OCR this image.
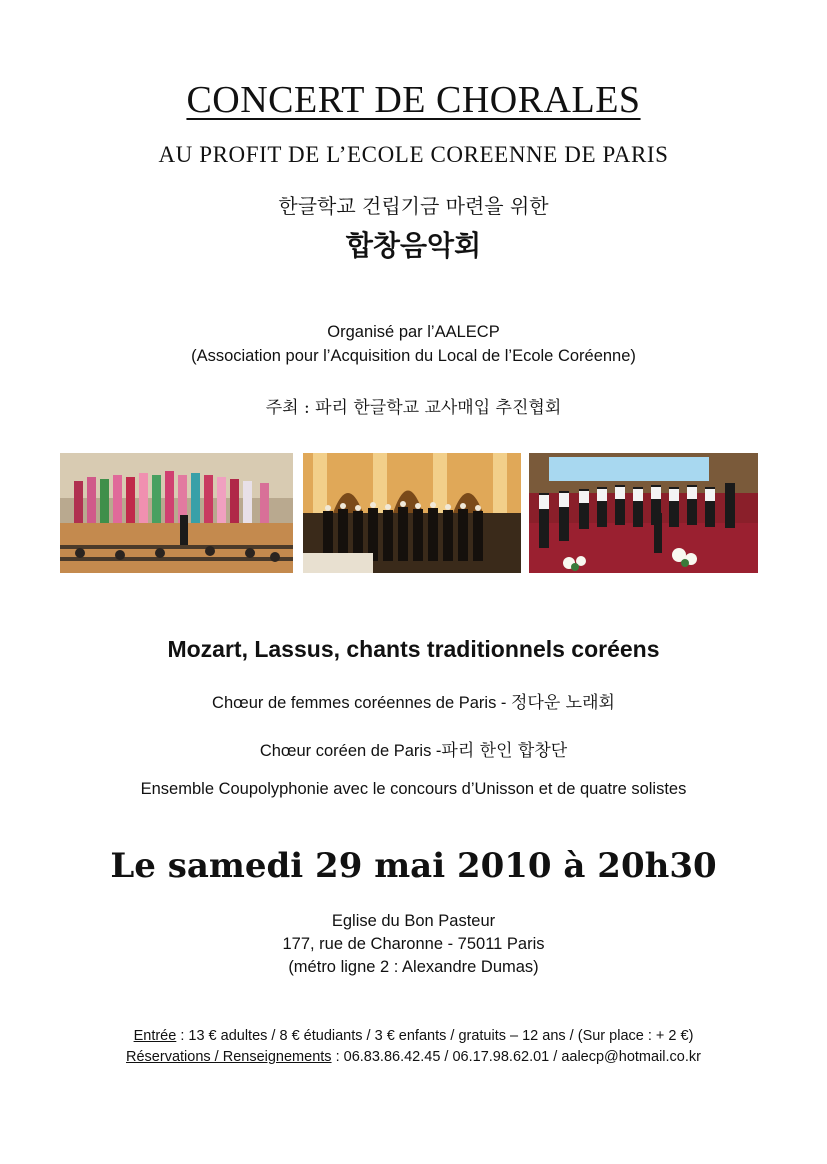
CONCERT DE CHORALES
AU PROFIT DE L’ECOLE COREENNE DE PARIS
한글학교 건립기금 마련을 위한
합창음악회
Organisé par l’AALECP
(Association pour l’Acquisition du Local de l’Ecole Coréenne)
주최 : 파리 한글학교 교사매입 추진협회
Mozart, Lassus, chants traditionnels coréens
Chœur de femmes coréennes de Paris - 정다운 노래회
Chœur coréen de Paris -파리 한인 합창단
Ensemble Coupolyphonie avec le concours d’Unisson et de quatre solistes
Le samedi 29 mai 2010 à 20h30
Eglise du Bon Pasteur
177, rue de Charonne - 75011 Paris
(métro ligne 2 : Alexandre Dumas)
Entrée : 13 € adultes / 8 € étudiants / 3 € enfants / gratuits – 12 ans / (Sur place : + 2 €)
Réservations / Renseignements : 06.83.86.42.45 / 06.17.98.62.01 / aalecp@hotmail.co.kr
